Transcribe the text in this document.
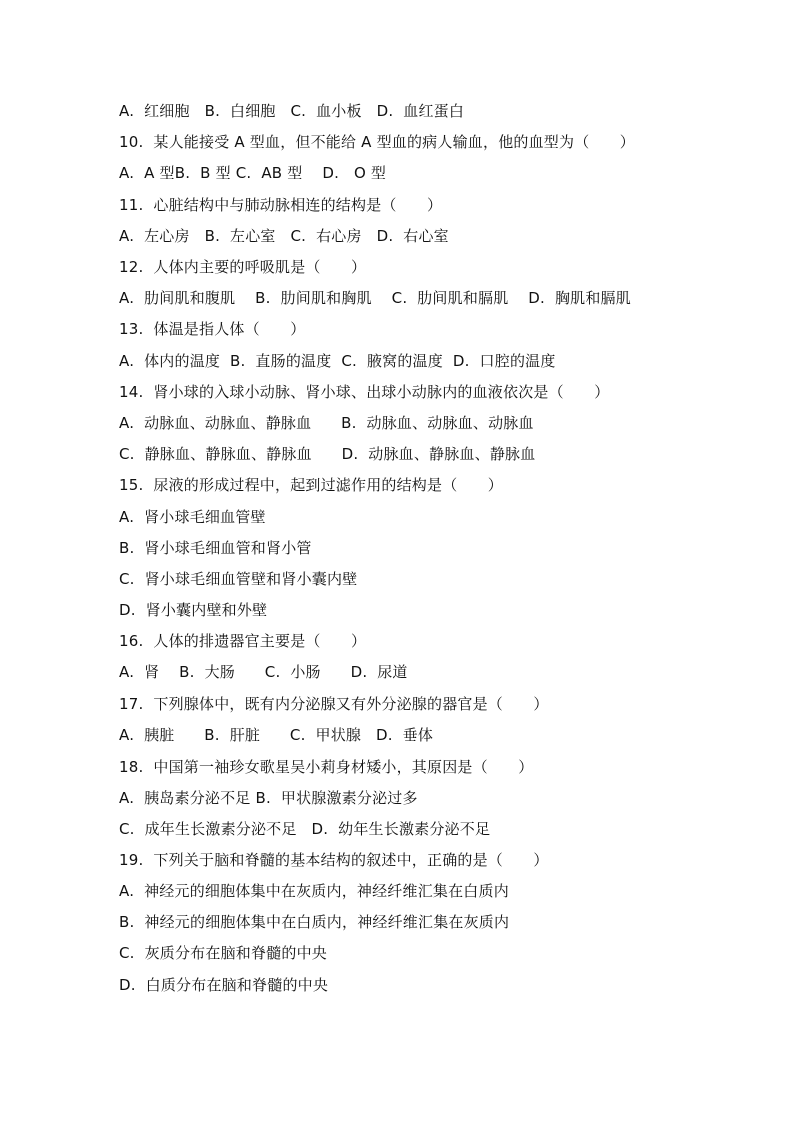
A.  红细胞   B.  白细胞   C.  血小板   D.  血红蛋白
10.  某人能接受 A 型血，但不能给 A 型血的病人输血，他的血型为（　　）
A.  A 型B.  B 型 C.  AB 型    D.   O 型
11.  心脏结构中与肺动脉相连的结构是（　　）
A.  左心房   B.  左心室   C.  右心房   D.  右心室
12.  人体内主要的呼吸肌是（　　）
A.  肋间肌和腹肌    B.  肋间肌和胸肌    C.  肋间肌和膈肌    D.  胸肌和膈肌
13.  体温是指人体（　　）
A.  体内的温度  B.  直肠的温度  C.  腋窝的温度  D.  口腔的温度
14.  肾小球的入球小动脉、肾小球、出球小动脉内的血液依次是（　　）
A.  动脉血、动脉血、静脉血      B.  动脉血、动脉血、动脉血
C.  静脉血、静脉血、静脉血      D.  动脉血、静脉血、静脉血
15.  尿液的形成过程中，起到过滤作用的结构是（　　）
A.  肾小球毛细血管壁
B.  肾小球毛细血管和肾小管
C.  肾小球毛细血管壁和肾小囊内壁
D.  肾小囊内壁和外壁
16.  人体的排遗器官主要是（　　）
A.  肾    B.  大肠      C.  小肠      D.  尿道
17.  下列腺体中，既有内分泌腺又有外分泌腺的器官是（　　）
A.  胰脏      B.  肝脏      C.  甲状腺   D.  垂体
18.  中国第一袖珍女歌星吴小莉身材矮小，其原因是（　　）
A.  胰岛素分泌不足 B.  甲状腺激素分泌过多
C.  成年生长激素分泌不足   D.  幼年生长激素分泌不足
19.  下列关于脑和脊髓的基本结构的叙述中，正确的是（　　）
A.  神经元的细胞体集中在灰质内，神经纤维汇集在白质内
B.  神经元的细胞体集中在白质内，神经纤维汇集在灰质内
C.  灰质分布在脑和脊髓的中央
D.  白质分布在脑和脊髓的中央
